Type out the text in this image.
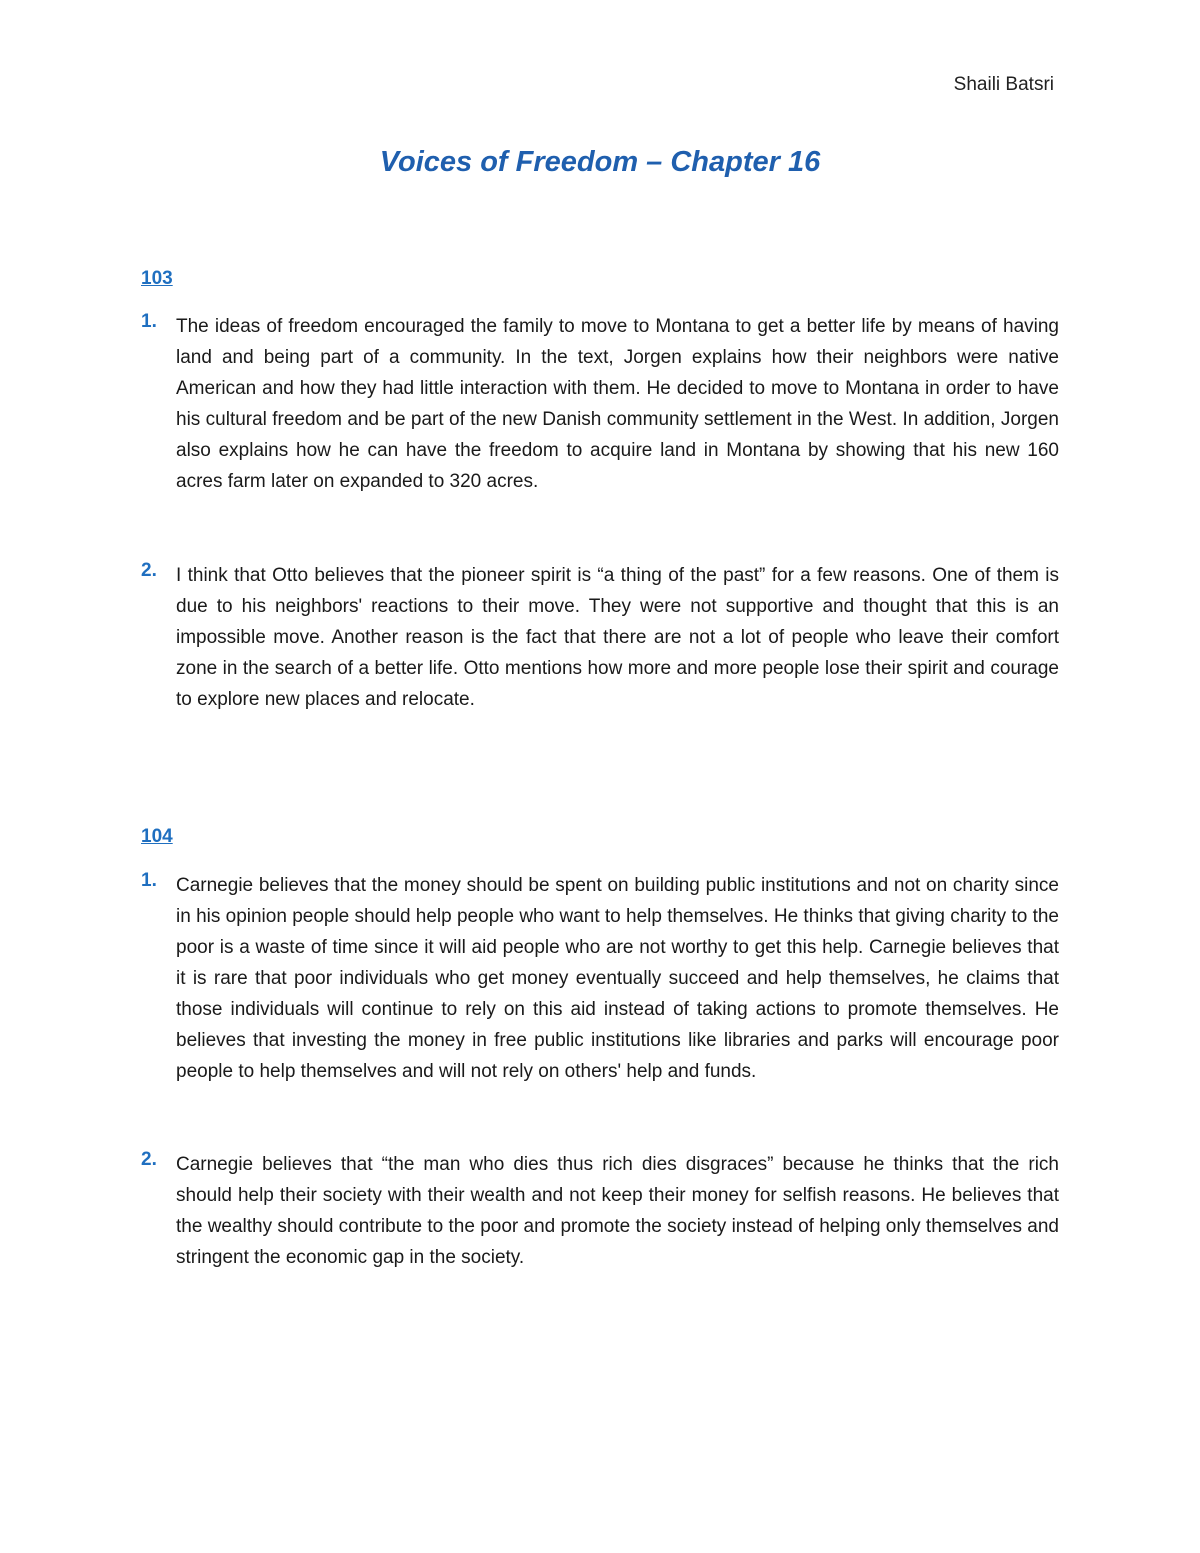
Shaili Batsri
Voices of Freedom – Chapter 16
103
1. The ideas of freedom encouraged the family to move to Montana to get a better life by means of having land and being part of a community. In the text, Jorgen explains how their neighbors were native American and how they had little interaction with them. He decided to move to Montana in order to have his cultural freedom and be part of the new Danish community settlement in the West. In addition, Jorgen also explains how he can have the freedom to acquire land in Montana by showing that his new 160 acres farm later on expanded to 320 acres.
2. I think that Otto believes that the pioneer spirit is “a thing of the past” for a few reasons. One of them is due to his neighbors' reactions to their move. They were not supportive and thought that this is an impossible move. Another reason is the fact that there are not a lot of people who leave their comfort zone in the search of a better life. Otto mentions how more and more people lose their spirit and courage to explore new places and relocate.
104
1. Carnegie believes that the money should be spent on building public institutions and not on charity since in his opinion people should help people who want to help themselves. He thinks that giving charity to the poor is a waste of time since it will aid people who are not worthy to get this help. Carnegie believes that it is rare that poor individuals who get money eventually succeed and help themselves, he claims that those individuals will continue to rely on this aid instead of taking actions to promote themselves. He believes that investing the money in free public institutions like libraries and parks will encourage poor people to help themselves and will not rely on others' help and funds.
2. Carnegie believes that “the man who dies thus rich dies disgraces” because he thinks that the rich should help their society with their wealth and not keep their money for selfish reasons. He believes that the wealthy should contribute to the poor and promote the society instead of helping only themselves and stringent the economic gap in the society.
